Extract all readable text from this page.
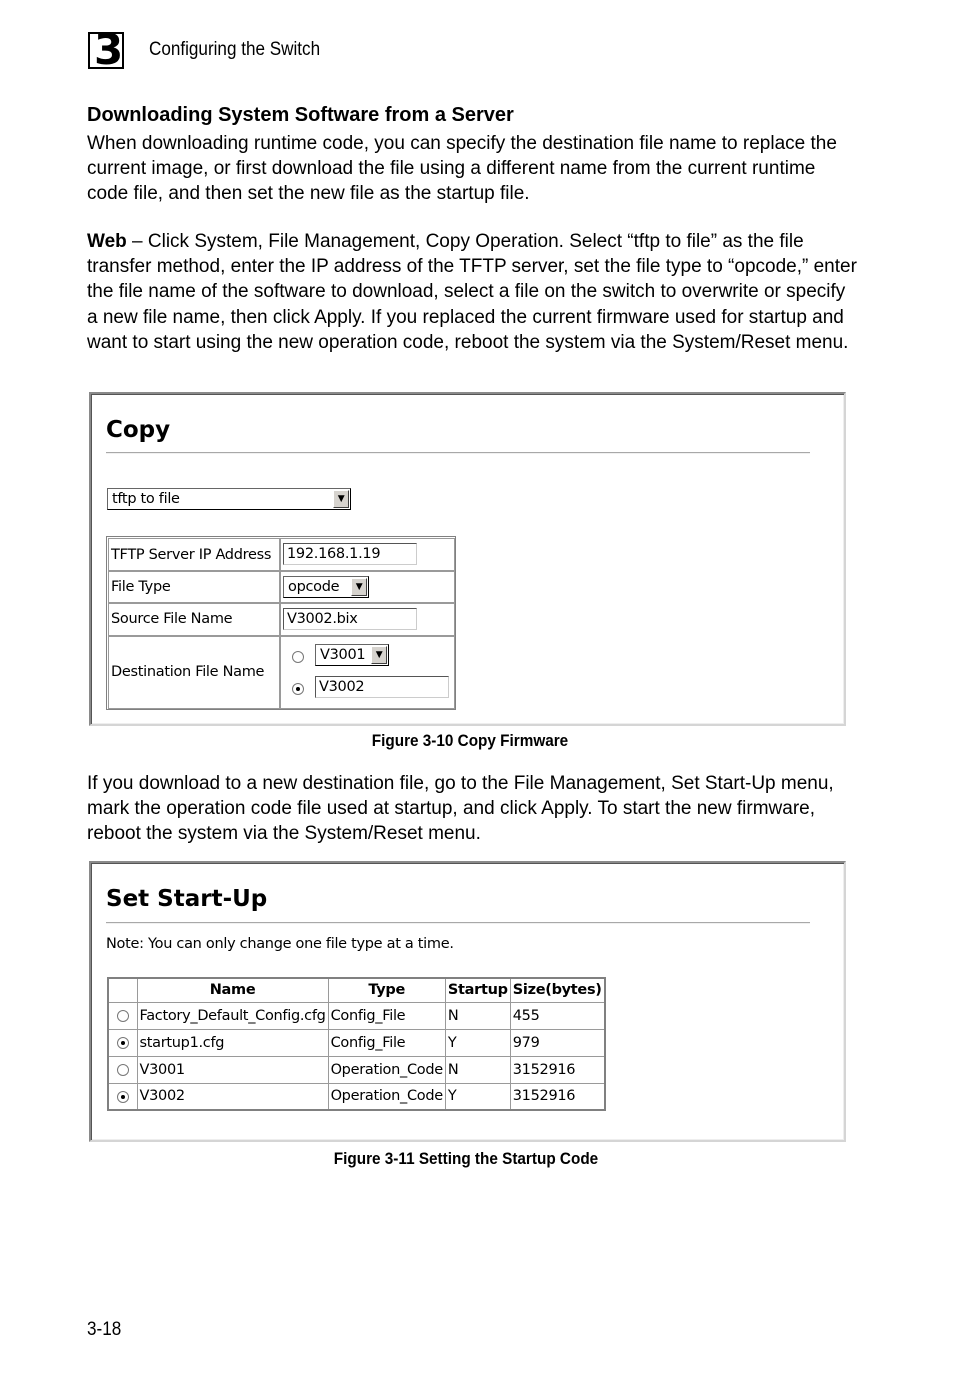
3 Configuring the Switch
Downloading System Software from a Server

When downloading runtime code, you can specify the destination file name to replace the current image, or first download the file using a different name from the current runtime code file, and then set the new file as the startup file.

Web – Click System, File Management, Copy Operation. Select “tftp to file” as the file transfer method, enter the IP address of the TFTP server, set the file type to “opcode,” enter the file name of the software to download, select a file on the switch to overwrite or specify a new file name, then click Apply. If you replaced the current firmware used for startup and want to start using the new operation code, reboot the system via the System/Reset menu.

Copy
tftp to file	▼
TFTP Server IP Address 192.168.1.19
File Type	opcode	▼
Source File Name	V3002.bix
Destination File Name
V3001	▼
V3002
Figure 3-10 Copy Firmware

If you download to a new destination file, go to the File Management, Set Start-Up menu, mark the operation code file used at startup, and click Apply. To start the new firmware, reboot the system via the System/Reset menu.

Set Start-Up
Note: You can only change one file type at a time.
	Name	Type	Startup	Size(bytes)

	Factory_Default_Config.cfg	Config_File	N	455

	startup1.cfg	Config_File	Y	979

	V3001	Operation_Code	N	3152916

	V3002	Operation_Code	Y	3152916
Figure 3-11 Setting the Startup Code
3-18
